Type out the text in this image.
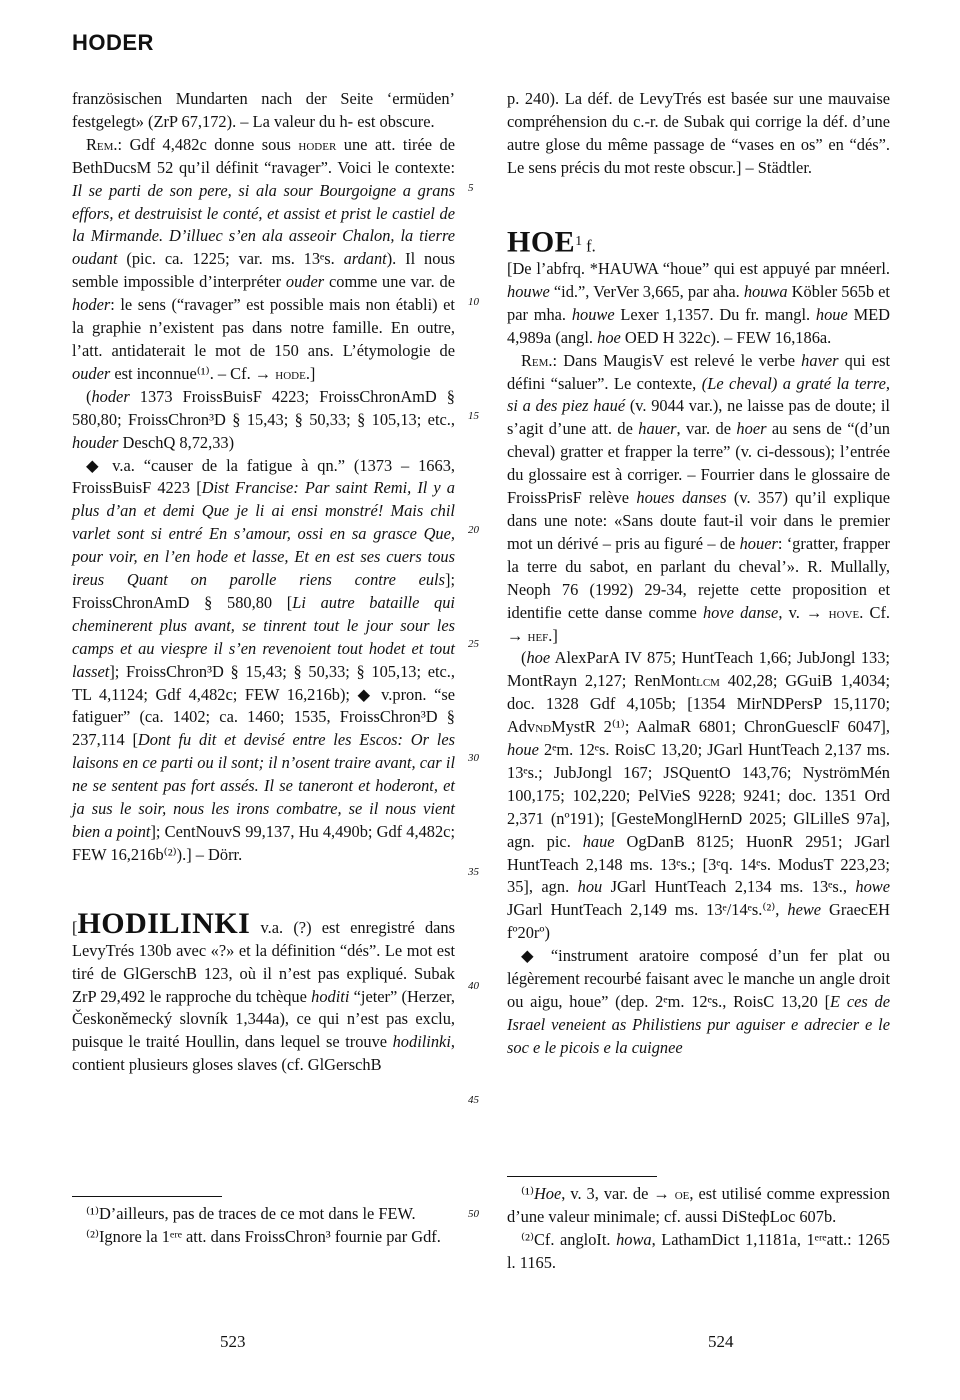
HODER

französischen Mundarten nach der Seite ‘ermüden’ festgelegt» (ZrP 67,172). – La valeur du h- est obscure.

Rem.: Gdf 4,482c donne sous hoder une att. tirée de BethDucsM 52 qu’il définit “ravager”. Voici le contexte: Il se parti de son pere, si ala sour Bourgoigne a grans effors, et destruisist le conté, et assist et prist le castiel de la Mirmande. D’illuec s’en ala asseoir Chalon, la tierre oudant (pic. ca. 1225; var. ms. 13ᵉs. ardant). Il nous semble impossible d’interpréter ouder comme une var. de hoder: le sens (“ravager” est possible mais non établi) et la graphie n’existent pas dans notre famille. En outre, l’att. antidaterait le mot de 150 ans. L’étymologie de ouder est inconnue⁽¹⁾. – Cf. → hode.]

(hoder 1373 FroissBuisF 4223; FroissChronAmD § 580,80; FroissChron³D § 15,43; § 50,33; § 105,13; etc., houder DeschQ 8,72,33)

◆ v.a. “causer de la fatigue à qn.” (1373 – 1663, FroissBuisF 4223 [Dist Francise: Par saint Remi, Il y a plus d’an et demi Que je li ai ensi monstré! Mais chil varlet sont si entré En s’amour, ossi en sa grasce Que, pour voir, en l’en hode et lasse, Et en est ses cuers tous ireus Quant on parolle riens contre euls]; FroissChronAmD § 580,80 [Li autre bataille qui cheminerent plus avant, se tinrent tout le jour sour les camps et au viespre il s’en revenoient tout hodet et tout lasset]; FroissChron³D § 15,43; § 50,33; § 105,13; etc., TL 4,1124; Gdf 4,482c; FEW 16,216b); ◆ v.pron. “se fatiguer” (ca. 1402; ca. 1460; 1535, FroissChron³D § 237,114 [Dont fu dit et devisé entre les Escos: Or les laisons en ce parti ou il sont; il n’osent traire avant, car il ne se sentent pas fort assés. Il se taneront et hoderont, et ja sus le soir, nous les irons combatre, se il nous vient bien a point]; CentNouvS 99,137, Hu 4,490b; Gdf 4,482c; FEW 16,216b⁽²⁾).] – Dörr.

[HODILINKI v.a. (?) est enregistré dans LevyTrés 130b avec «?» et la définition “dés”. Le mot est tiré de GlGerschB 123, où il n’est pas expliqué. Subak ZrP 29,492 le rapproche du tchèque hoditi “jeter” (Herzer, Českoněmecký slovník 1,344a), ce qui n’est pas exclu, puisque le traité Houllin, dans lequel se trouve hodilinki, contient plusieurs gloses slaves (cf. GlGerschB

⁽¹⁾D’ailleurs, pas de traces de ce mot dans le FEW.

⁽²⁾Ignore la 1ᵉʳᵉ att. dans FroissChron³ fournie par Gdf.

5
10
15
20
25
30
35
40
45
50

p. 240). La déf. de LevyTrés est basée sur une mauvaise compréhension du c.-r. de Subak qui corrige la déf. d’une autre glose du même passage de “vases en os” en “dés”. Le sens précis du mot reste obscur.] – Städtler.

HOE$^1$ f.

[De l’abfrq. *HAUWA “houe” qui est appuyé par mnéerl. houwe “id.”, VerVer 3,665, par aha. houwa Köbler 565b et par mha. houwe Lexer 1,1357. Du fr. mangl. houe MED 4,989a (angl. hoe OED H 322c). – FEW 16,186a.

Rem.: Dans MaugisV est relevé le verbe haver qui est défini “saluer”. Le contexte, (Le cheval) a graté la terre, si a des piez haué (v. 9044 var.), ne laisse pas de doute; il s’agit d’une att. de hauer, var. de hoer au sens de “(d’un cheval) gratter et frapper la terre” (v. ci-dessous); l’entrée du glossaire est à corriger. – Fourrier dans le glossaire de FroissPrisF relève houes danses (v. 357) qu’il explique dans une note: «Sans doute faut-il voir dans le premier mot un dérivé – pris au figuré – de houer: ‘gratter, frapper la terre du sabot, en parlant du cheval’». R. Mullally, Neoph 76 (1992) 29-34, rejette cette proposition et identifie cette danse comme hove danse, v. → hove. Cf. → hef.]

(hoe AlexParA IV 875; HuntTeach 1,66; JubJongl 133; MontRayn 2,127; RenMontlcm 402,28; GGuiB 1,4034; doc. 1328 Gdf 4,105b; [1354 MirNDPersP 15,1170; AdvndMystR 2⁽¹⁾; AalmaR 6801; ChronGuesclF 6047], houe 2ᵉm. 12ᵉs. RoisC 13,20; JGarl HuntTeach 2,137 ms. 13ᵉs.; JubJongl 167; JSQuentO 143,76; NyströmMén 100,175; 102,220; PelVieS 9228; 9241; doc. 1351 Ord 2,371 (nº191); [GesteMonglHernD 2025; GlLilleS 97a], agn. pic. haue OgDanB 8125; HuonR 2951; JGarl HuntTeach 2,148 ms. 13ᵉs.; [3ᵉq. 14ᵉs. ModusT 223,23; 35], agn. hou JGarl HuntTeach 2,134 ms. 13ᵉs., howe JGarl HuntTeach 2,149 ms. 13ᵉ/14ᵉs.⁽²⁾, hewe GraecEH fº20rº)

◆ “instrument aratoire composé d’un fer plat ou légèrement recourbé faisant avec le manche un angle droit ou aigu, houe” (dep. 2ᵉm. 12ᵉs., RoisC 13,20 [E ces de Israel veneient as Philistiens pur aguiser e adrecier e le soc e le picois e la cuignee

⁽¹⁾Hoe, v. 3, var. de → oe, est utilisé comme expression d’une valeur minimale; cf. aussi DiSteфLoc 607b.

⁽²⁾Cf. angloIt. howa, LathamDict 1,1181a, 1ᵉʳᵉatt.: 1265 l. 1165.

523	524
